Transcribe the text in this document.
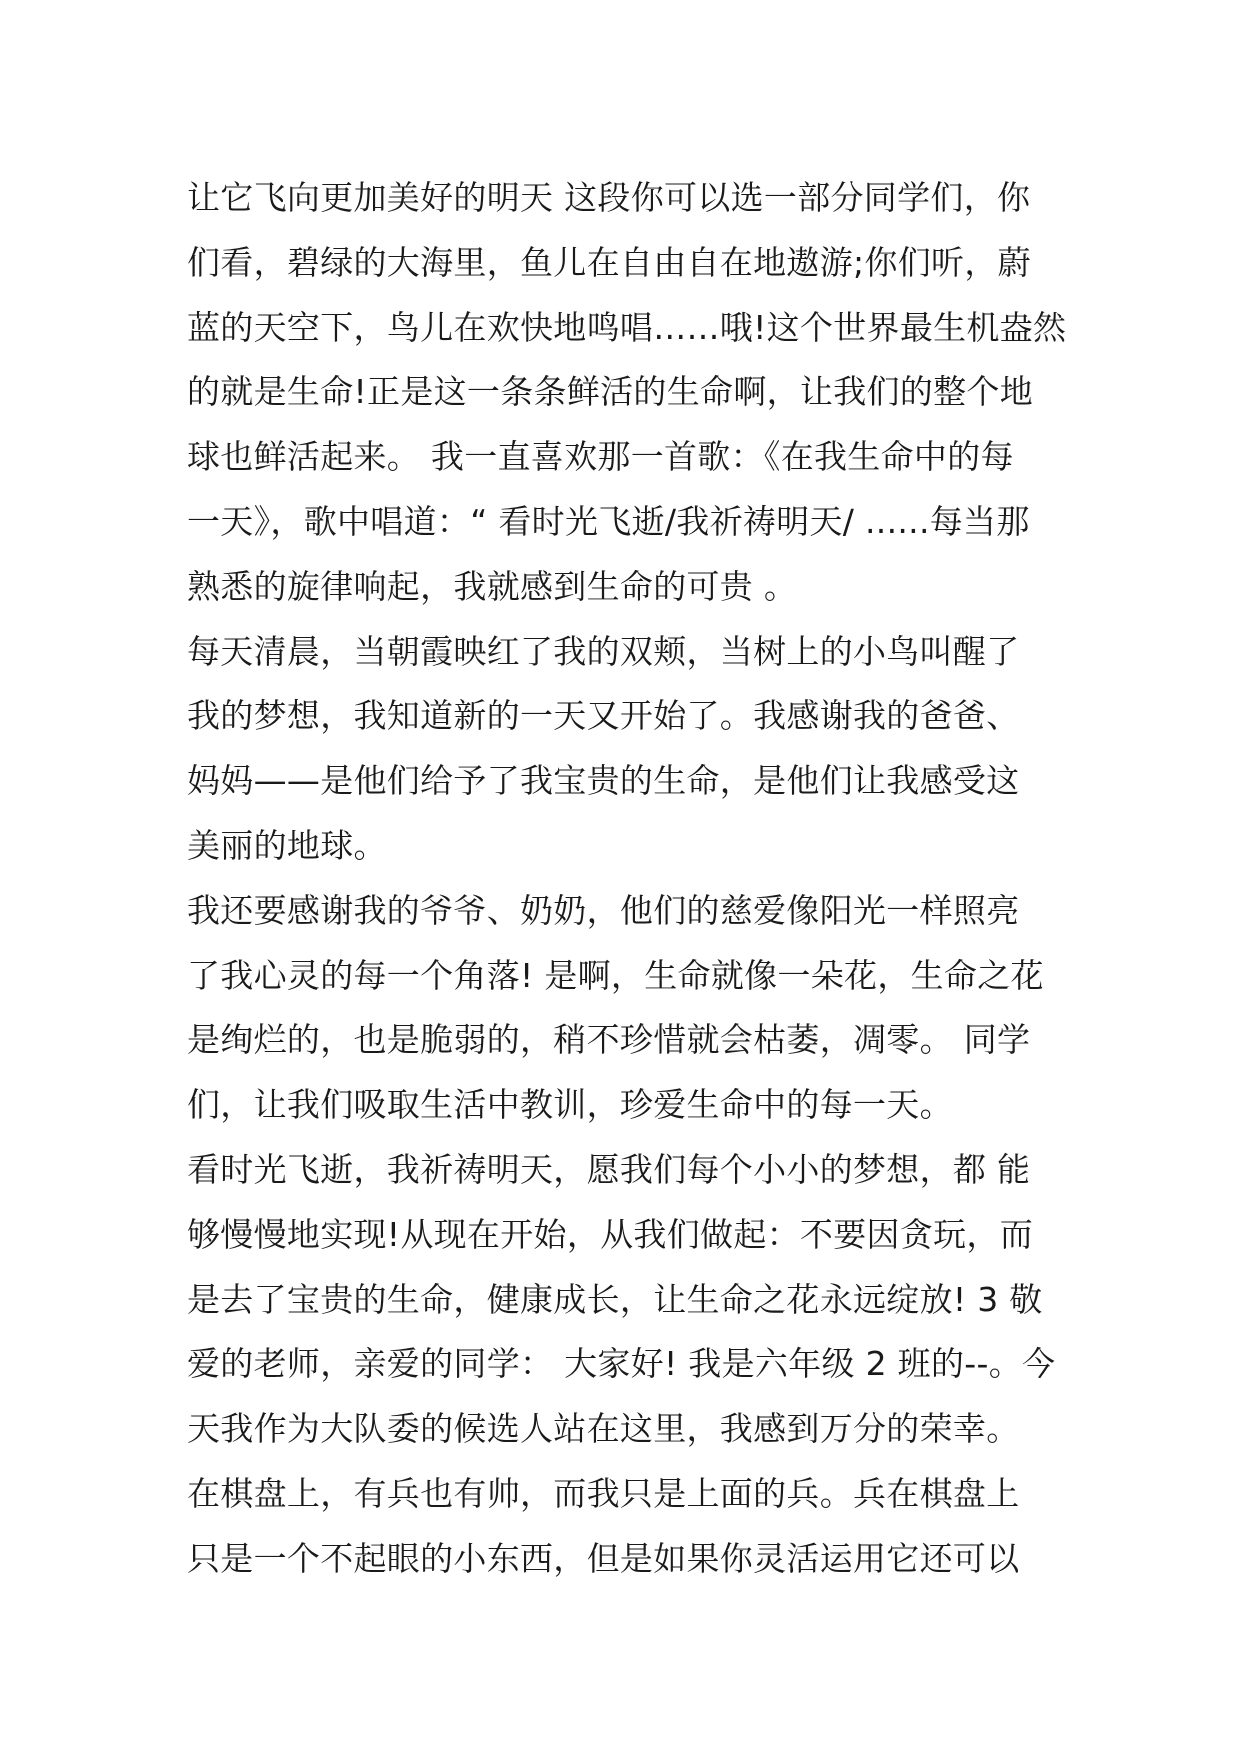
让它飞向更加美好的明天 这段你可以选一部分同学们，你
们看，碧绿的大海里，鱼儿在自由自在地遨游;你们听，蔚
蓝的天空下，鸟儿在欢快地鸣唱……哦!这个世界最生机盎然
的就是生命!正是这一条条鲜活的生命啊，让我们的整个地
球也鲜活起来。 我一直喜欢那一首歌：《在我生命中的每
一天》，歌中唱道：“ 看时光飞逝/我祈祷明天/ ......每当那
熟悉的旋律响起，我就感到生命的可贵 。
每天清晨，当朝霞映红了我的双颊，当树上的小鸟叫醒了
我的梦想，我知道新的一天又开始了。我感谢我的爸爸、
妈妈——是他们给予了我宝贵的生命，是他们让我感受这
美丽的地球。
我还要感谢我的爷爷、奶奶，他们的慈爱像阳光一样照亮
了我心灵的每一个角落! 是啊，生命就像一朵花，生命之花
是绚烂的，也是脆弱的，稍不珍惜就会枯萎，凋零。 同学
们，让我们吸取生活中教训，珍爱生命中的每一天。
看时光飞逝，我祈祷明天，愿我们每个小小的梦想，都 能
够慢慢地实现!从现在开始，从我们做起：不要因贪玩，而
是去了宝贵的生命，健康成长，让生命之花永远绽放! 3 敬
爱的老师，亲爱的同学： 大家好! 我是六年级 2 班的--。今
天我作为大队委的候选人站在这里，我感到万分的荣幸。
在棋盘上，有兵也有帅，而我只是上面的兵。兵在棋盘上
只是一个不起眼的小东西，但是如果你灵活运用它还可以
